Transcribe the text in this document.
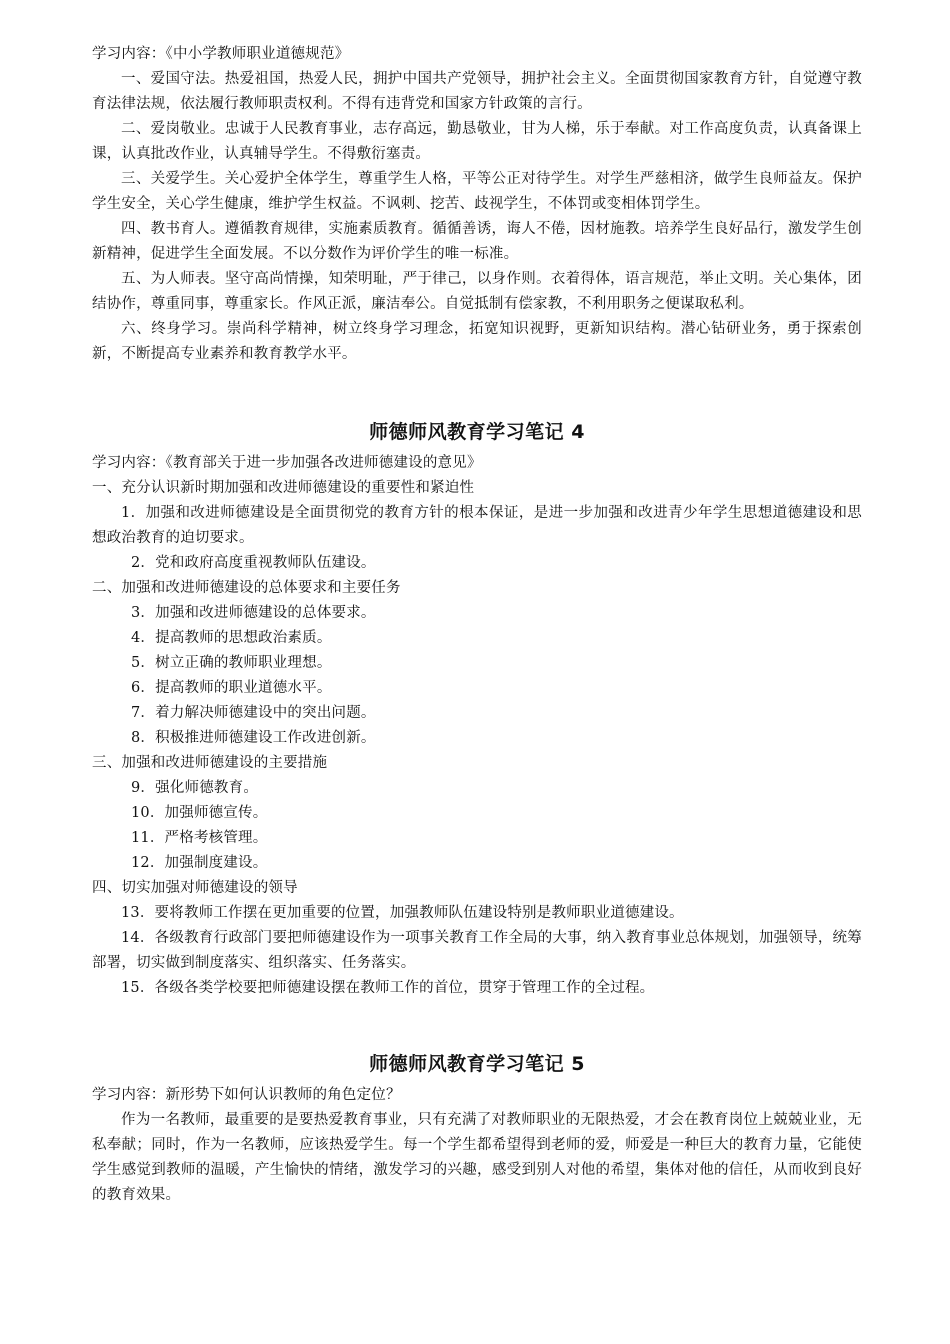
学习内容：《中小学教师职业道德规范》

一、爱国守法。热爱祖国，热爱人民，拥护中国共产党领导，拥护社会主义。全面贯彻国家教育方针，自觉遵守教育法律法规，依法履行教师职责权利。不得有违背党和国家方针政策的言行。

二、爱岗敬业。忠诚于人民教育事业，志存高远，勤恳敬业，甘为人梯，乐于奉献。对工作高度负责，认真备课上课，认真批改作业，认真辅导学生。不得敷衍塞责。

三、关爱学生。关心爱护全体学生，尊重学生人格，平等公正对待学生。对学生严慈相济，做学生良师益友。保护学生安全，关心学生健康，维护学生权益。不讽刺、挖苦、歧视学生，不体罚或变相体罚学生。

四、教书育人。遵循教育规律，实施素质教育。循循善诱，诲人不倦，因材施教。培养学生良好品行，激发学生创新精神，促进学生全面发展。不以分数作为评价学生的唯一标准。

五、为人师表。坚守高尚情操，知荣明耻，严于律己，以身作则。衣着得体，语言规范，举止文明。关心集体，团结协作，尊重同事，尊重家长。作风正派，廉洁奉公。自觉抵制有偿家教，不利用职务之便谋取私利。

六、终身学习。崇尚科学精神，树立终身学习理念，拓宽知识视野，更新知识结构。潜心钻研业务，勇于探索创新，不断提高专业素养和教育教学水平。

师德师风教育学习笔记 4

学习内容：《教育部关于进一步加强各改进师德建设的意见》

一、充分认识新时期加强和改进师德建设的重要性和紧迫性

1．加强和改进师德建设是全面贯彻党的教育方针的根本保证，是进一步加强和改进青少年学生思想道德建设和思想政治教育的迫切要求。

2．党和政府高度重视教师队伍建设。

二、加强和改进师德建设的总体要求和主要任务

3．加强和改进师德建设的总体要求。

4．提高教师的思想政治素质。

5．树立正确的教师职业理想。

6．提高教师的职业道德水平。

7．着力解决师德建设中的突出问题。

8．积极推进师德建设工作改进创新。

三、加强和改进师德建设的主要措施

9．强化师德教育。

10．加强师德宣传。

11．严格考核管理。

12．加强制度建设。

四、切实加强对师德建设的领导

13．要将教师工作摆在更加重要的位置，加强教师队伍建设特别是教师职业道德建设。

14．各级教育行政部门要把师德建设作为一项事关教育工作全局的大事，纳入教育事业总体规划，加强领导，统筹部署，切实做到制度落实、组织落实、任务落实。

15．各级各类学校要把师德建设摆在教师工作的首位，贯穿于管理工作的全过程。

师德师风教育学习笔记 5

学习内容：新形势下如何认识教师的角色定位？

作为一名教师，最重要的是要热爱教育事业，只有充满了对教师职业的无限热爱，才会在教育岗位上兢兢业业，无私奉献；同时，作为一名教师，应该热爱学生。每一个学生都希望得到老师的爱，师爱是一种巨大的教育力量，它能使学生感觉到教师的温暖，产生愉快的情绪，激发学习的兴趣，感受到别人对他的希望，集体对他的信任，从而收到良好的教育效果。
